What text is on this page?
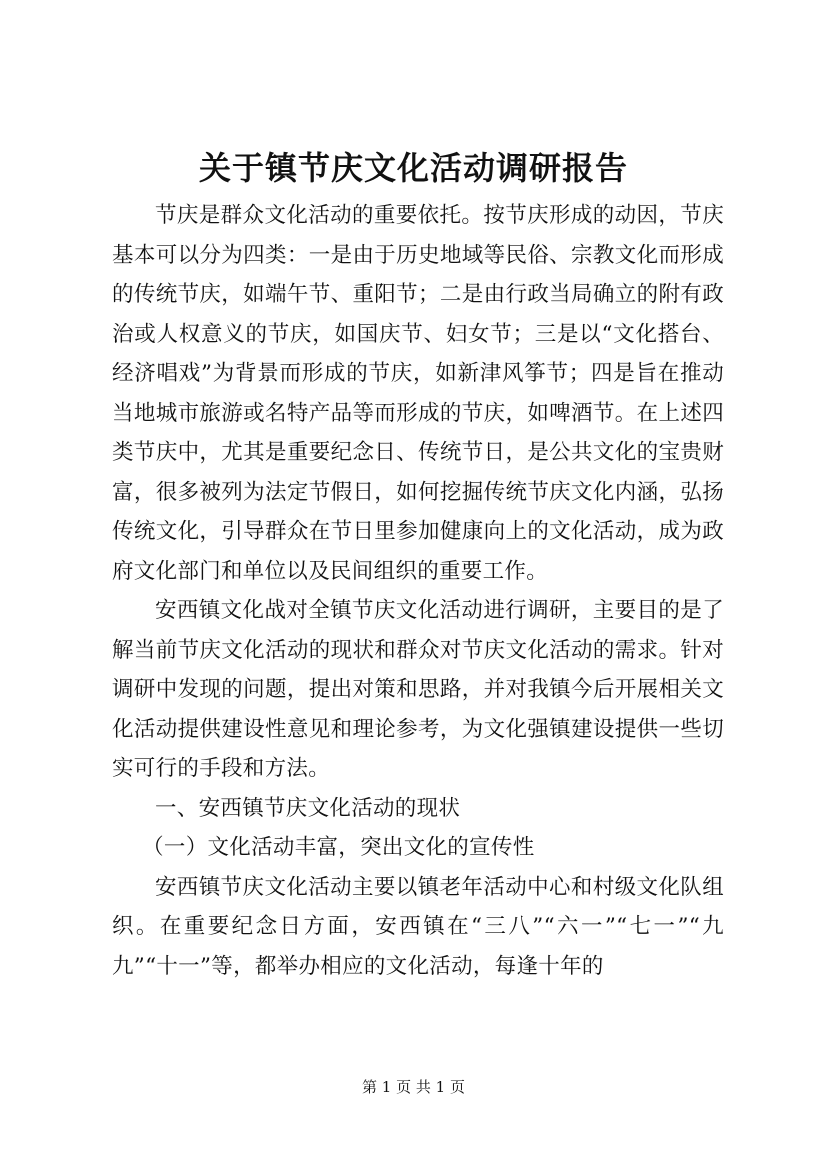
关于镇节庆文化活动调研报告

节庆是群众文化活动的重要依托。按节庆形成的动因，节庆基本可以分为四类：一是由于历史地域等民俗、宗教文化而形成的传统节庆，如端午节、重阳节；二是由行政当局确立的附有政治或人权意义的节庆，如国庆节、妇女节；三是以“文化搭台、经济唱戏”为背景而形成的节庆，如新津风筝节；四是旨在推动当地城市旅游或名特产品等而形成的节庆，如啤酒节。在上述四类节庆中，尤其是重要纪念日、传统节日，是公共文化的宝贵财富，很多被列为法定节假日，如何挖掘传统节庆文化内涵，弘扬传统文化，引导群众在节日里参加健康向上的文化活动，成为政府文化部门和单位以及民间组织的重要工作。

安西镇文化战对全镇节庆文化活动进行调研，主要目的是了解当前节庆文化活动的现状和群众对节庆文化活动的需求。针对调研中发现的问题，提出对策和思路，并对我镇今后开展相关文化活动提供建设性意见和理论参考，为文化强镇建设提供一些切实可行的手段和方法。

一、安西镇节庆文化活动的现状

（一）文化活动丰富，突出文化的宣传性

安西镇节庆文化活动主要以镇老年活动中心和村级文化队组织。在重要纪念日方面，安西镇在“三八”“六一”“七一”“九九”“十一”等，都举办相应的文化活动，每逢十年的

第 1 页 共 1 页
